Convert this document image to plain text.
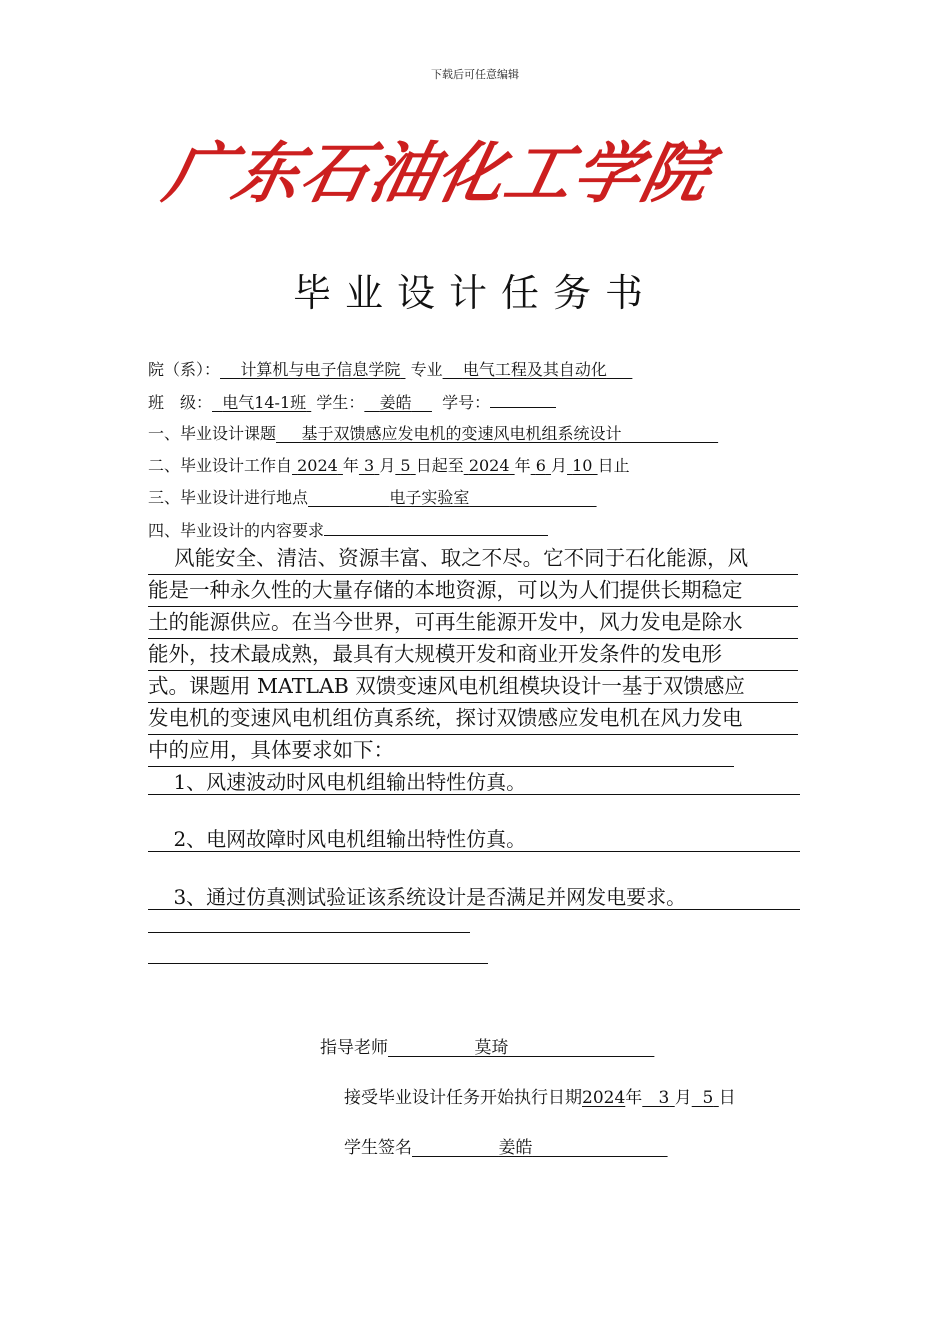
下载后可任意编辑
广东石油化工学院
毕业设计任务书
院（系）： 计算机与电子信息学院 专业 电气工程及其自动化
班　级： 电气14-1班 学生： 姜皓 学号：
一、毕业设计课题 基于双馈感应发电机的变速风电机组系统设计
二、毕业设计工作自 2024 年 3 月 5 日起至 2024 年 6 月 10 日止
三、毕业设计进行地点	电子实验室
四、毕业设计的内容要求
风能安全、清洁、资源丰富、取之不尽。它不同于石化能源，风
能是一种永久性的大量存储的本地资源，可以为人们提供长期稳定
土的能源供应。在当今世界，可再生能源开发中，风力发电是除水
能外，技术最成熟，最具有大规模开发和商业开发条件的发电形
式。课题用 MATLAB 双馈变速风电机组模块设计一基于双馈感应
发电机的变速风电机组仿真系统，探讨双馈感应发电机在风力发电
中的应用，具体要求如下：
1、风速波动时风电机组输出特性仿真。
2、电网故障时风电机组输出特性仿真。
3、通过仿真测试验证该系统设计是否满足并网发电要求。
指导老师	莫琦
接受毕业设计任务开始执行日期2024年 3 月 5 日
学生签名	姜皓
